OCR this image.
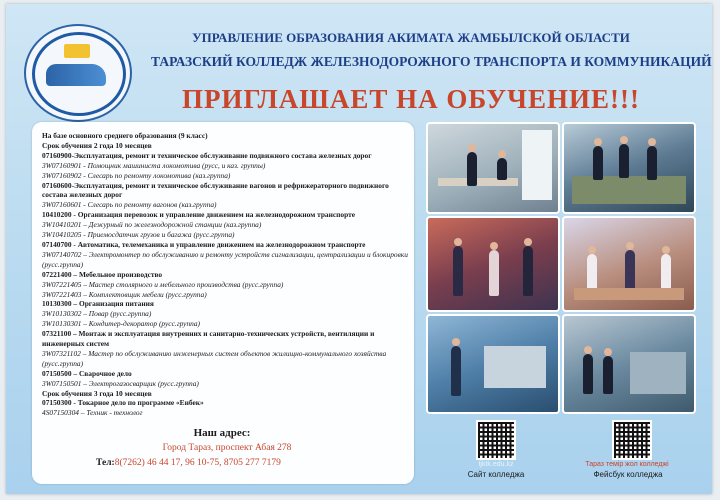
УПРАВЛЕНИЕ ОБРАЗОВАНИЯ АКИМАТА ЖАМБЫЛСКОЙ ОБЛАСТИ
ТАРАЗСКИЙ КОЛЛЕДЖ ЖЕЛЕЗНОДОРОЖНОГО ТРАНСПОРТА И КОММУНИКАЦИЙ
ПРИГЛАШАЕТ НА ОБУЧЕНИЕ!!!
На базе основного среднего образования (9 класс)
Срок обучения 2 года 10 месяцев
07160900-Эксплуатация, ремонт и техническое обслуживание подвижного состава железных дорог
3W07160901 - Помощник машиниста локомотива (русс, и каз. группы)
3W07160902 - Слесарь по ремонту локомотива (каз.группа)
07160600-Эксплуатация, ремонт и техническое обслуживание вагонов и рефрижераторного подвижного состава железных дорог
3W07160601 - Слесарь по ремонту вагонов (каз.группа)
10410200 - Организация перевозок и управление движением на железнодорожном транспорте
3W10410201 – Дежурный по железнодорожной станции (каз.группа)
3W10410205 - Приемосдатчик грузов и багажа (русс.группа)
07140700 - Автоматика, телемеханика и управление движением на железнодорожном транспорте
3W07140702 – Электромонтер по обслуживанию и ремонту устройств сигнализации, централизации и блокировки (русс.группа)
07221400 – Мебельное производство
3W07221405 – Мастер столярного и мебельного производства (русс.группа)
3W07221403 – Комплектовщик мебели (русс.группа)
10130300 – Организация питания
3W10130302 – Повар (русс.группа)
3W10130301 – Кондитер-декоратор (русс.группа)
07321100 – Монтаж и эксплуатация внутренних и санитарно-технических устройств, вентиляции и инженерных систем
3W07321102 – Мастер по обслуживанию инженерных систем объектов жилищно-коммунального хозяйства (русс.группа)
07150500 – Сварочное дело
3W07150501 – Электрогазосварщик (русс.группа)
Срок обучения 3 года 10 месяцев
07150300 - Токарное дело по программе «Енбек»
4S07150304 – Техник - технолог
Наш адрес:
Город Тараз, проспект Абая 278
Тел:8(7262) 46 44 17, 96 10-75, 8705 277 7179	tjktk.edu.kz
Сайт колледжа
Тараз темiр жол колледжi
Фейсбук колледжа
